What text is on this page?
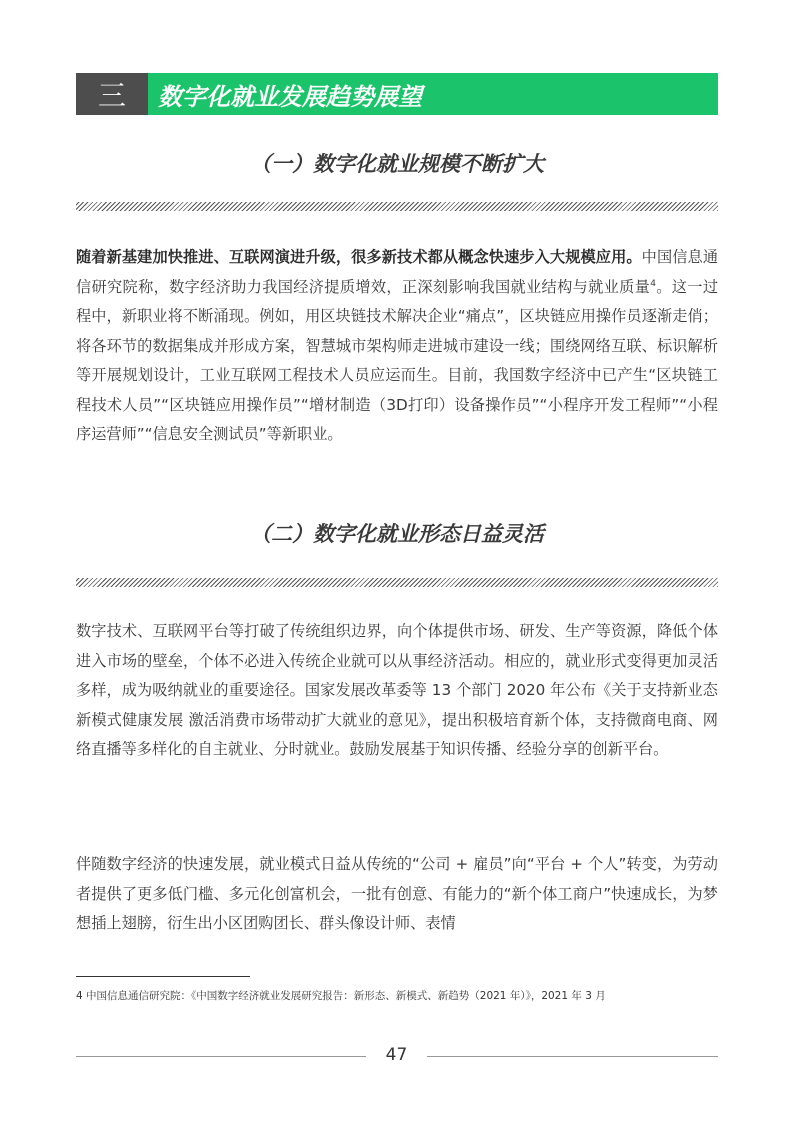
三	数字化就业发展趋势展望
（一）数字化就业规模不断扩大

随着新基建加快推进、互联网演进升级，很多新技术都从概念快速步入大规模应用。中国信息通信研究院称，数字经济助力我国经济提质增效，正深刻影响我国就业结构与就业质量$^4$。这一过程中，新职业将不断涌现。例如，用区块链技术解决企业“痛点”，区块链应用操作员逐渐走俏；将各环节的数据集成并形成方案，智慧城市架构师走进城市建设一线；围绕网络互联、标识解析等开展规划设计，工业互联网工程技术人员应运而生。目前，我国数字经济中已产生“区块链工程技术人员”“区块链应用操作员”“增材制造（3D打印）设备操作员”“小程序开发工程师”“小程序运营师”“信息安全测试员”等新职业。

（二）数字化就业形态日益灵活

数字技术、互联网平台等打破了传统组织边界，向个体提供市场、研发、生产等资源，降低个体进入市场的壁垒，个体不必进入传统企业就可以从事经济活动。相应的，就业形式变得更加灵活多样，成为吸纳就业的重要途径。国家发展改革委等 13 个部门 2020 年公布《关于支持新业态新模式健康发展 激活消费市场带动扩大就业的意见》，提出积极培育新个体，支持微商电商、网络直播等多样化的自主就业、分时就业。鼓励发展基于知识传播、经验分享的创新平台。

伴随数字经济的快速发展，就业模式日益从传统的“公司 + 雇员”向“平台 + 个人”转变，为劳动者提供了更多低门槛、多元化创富机会，一批有创意、有能力的“新个体工商户”快速成长，为梦想插上翅膀，衍生出小区团购团长、群头像设计师、表情

4 中国信息通信研究院：《中国数字经济就业发展研究报告：新形态、新模式、新趋势（2021 年）》，2021 年 3 月
47
